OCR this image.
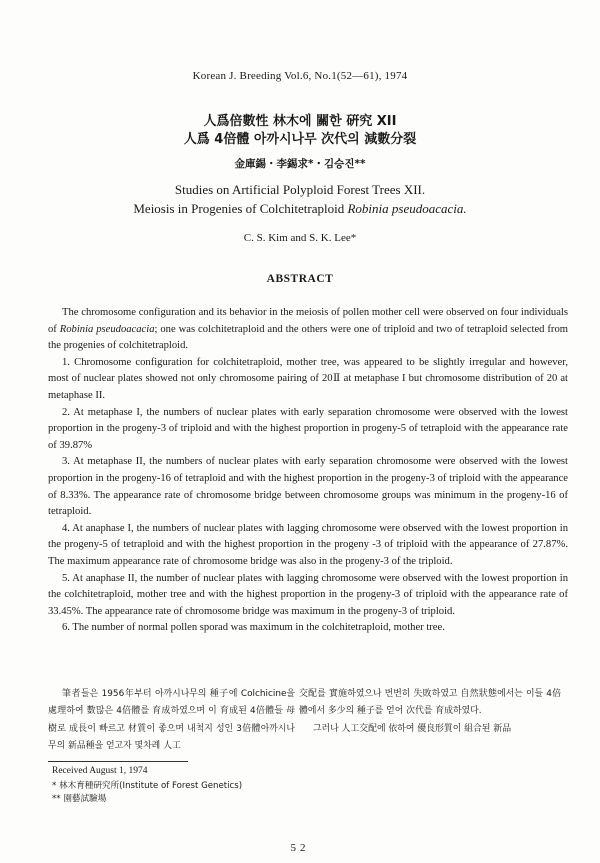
Korean J. Breeding Vol.6, No.1(52—61), 1974
人爲倍數性 林木에 關한 硏究 XII
人爲 4倍體 아까시나무 次代의 減數分裂
金庫錫・李錫求*・김승진**
Studies on Artificial Polyploid Forest Trees XII.
Meiosis in Progenies of Colchitetraploid Robinia pseudoacacia.
C. S. Kim and S. K. Lee*
ABSTRACT

The chromosome configuration and its behavior in the meiosis of pollen mother cell were observed on four individuals of Robinia pseudoacacia; one was colchitetraploid and the others were one of triploid and two of tetraploid selected from the progenies of colchitetraploid.

1. Chromosome configuration for colchitetraploid, mother tree, was appeared to be slightly irregular and however, most of nuclear plates showed not only chromosome pairing of 20Ⅱ at metaphase I but chromosome distribution of 20 at metaphase II.

2. At metaphase I, the numbers of nuclear plates with early separation chromosome were observed with the lowest proportion in the progeny-3 of triploid and with the highest proportion in progeny-5 of tetraploid with the appearance rate of 39.87%

3. At metaphase II, the numbers of nuclear plates with early separation chromosome were observed with the lowest proportion in the progeny-16 of tetraploid and with the highest proportion in the progeny-3 of triploid with the appearance of 8.33%. The appearance rate of chromosome bridge between chromosome groups was minimum in the progeny-16 of tetraploid.

4. At anaphase I, the numbers of nuclear plates with lagging chromosome were observed with the lowest proportion in the progeny-5 of tetraploid and with the highest proportion in the progeny -3 of triploid with the appearance of 27.87%. The maximum appearance rate of chromosome bridge was also in the progeny-3 of the triploid.

5. At anaphase II, the number of nuclear plates with lagging chromosome were observed with the lowest proportion in the colchitetraploid, mother tree and with the highest proportion in the progeny-3 of triploid with the appearance rate of 33.45%. The appearance rate of chromosome bridge was maximum in the progeny-3 of triploid.

6. The number of normal pollen sporad was maximum in the colchitetraploid, mother tree.

筆者들은 1956年부터 아까시나무의 種子에 Colchicine을 處理하여 數많은 4倍體를 育成하였으며 이 育成된 4倍體들 母樹로 成長이 빠르고 材質이 좋으며 내척지 성인 3倍體아까시나무의 新品種을 얻고자 몇차례 人工

交配를 實施하였으나 번번히 失敗하였고 自然狀態에서는 이들 4倍體에서 多少의 種子를 얻어 次代를 育成하였다.

그러나 人工交配에 依하여 優良形質이 組合된 新品

Received August 1, 1974
* 林木育種硏究所(Institute of Forest Genetics)
** 園藝試驗場
52
